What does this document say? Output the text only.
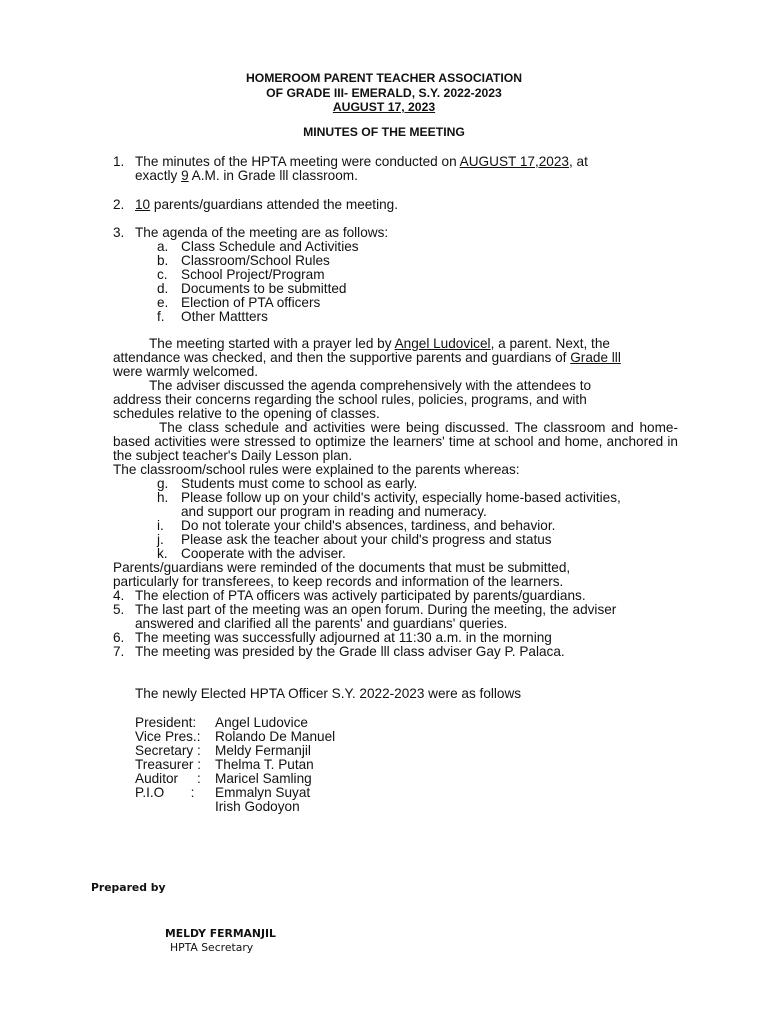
HOMEROOM PARENT TEACHER ASSOCIATION
OF GRADE III- EMERALD, S.Y. 2022-2023
AUGUST 17, 2023
MINUTES OF THE MEETING
1. The minutes of the HPTA meeting were conducted on AUGUST 17,2023, at
exactly 9 A.M. in Grade lll classroom.
2. 10 parents/guardians attended the meeting.
3. The agenda of the meeting are as follows:
a. Class Schedule and Activities
b. Classroom/School Rules
c. School Project/Program
d. Documents to be submitted
e. Election of PTA officers
f. Other Mattters
The meeting started with a prayer led by Angel Ludovicel, a parent. Next, the
attendance was checked, and then the supportive parents and guardians of Grade lll
were warmly welcomed.
The adviser discussed the agenda comprehensively with the attendees to
address their concerns regarding the school rules, policies, programs, and with
schedules relative to the opening of classes.
The class schedule and activities were being discussed. The classroom and home-based activities were stressed to optimize the learners' time at school and home, anchored in the subject teacher's Daily Lesson plan.
The classroom/school rules were explained to the parents whereas:
g. Students must come to school as early.
h. Please follow up on your child's activity, especially home-based activities,
and support our program in reading and numeracy.
i. Do not tolerate your child's absences, tardiness, and behavior.
j. Please ask the teacher about your child's progress and status
k. Cooperate with the adviser.
Parents/guardians were reminded of the documents that must be submitted,
particularly for transferees, to keep records and information of the learners.
4. The election of PTA officers was actively participated by parents/guardians.
5. The last part of the meeting was an open forum. During the meeting, the adviser
answered and clarified all the parents' and guardians' queries.
6. The meeting was successfully adjourned at 11:30 a.m. in the morning
7. The meeting was presided by the Grade lll class adviser Gay P. Palaca.
The newly Elected HPTA Officer S.Y. 2022-2023 were as follows
President: Angel Ludovice
Vice Pres.: Rolando De Manuel
Secretary : Meldy Fermanjil
Treasurer : Thelma T. Putan
Auditor     : Maricel Samling
P.I.O       : Emmalyn Suyat
Irish Godoyon
Prepared by
MELDY FERMANJIL
HPTA Secretary
